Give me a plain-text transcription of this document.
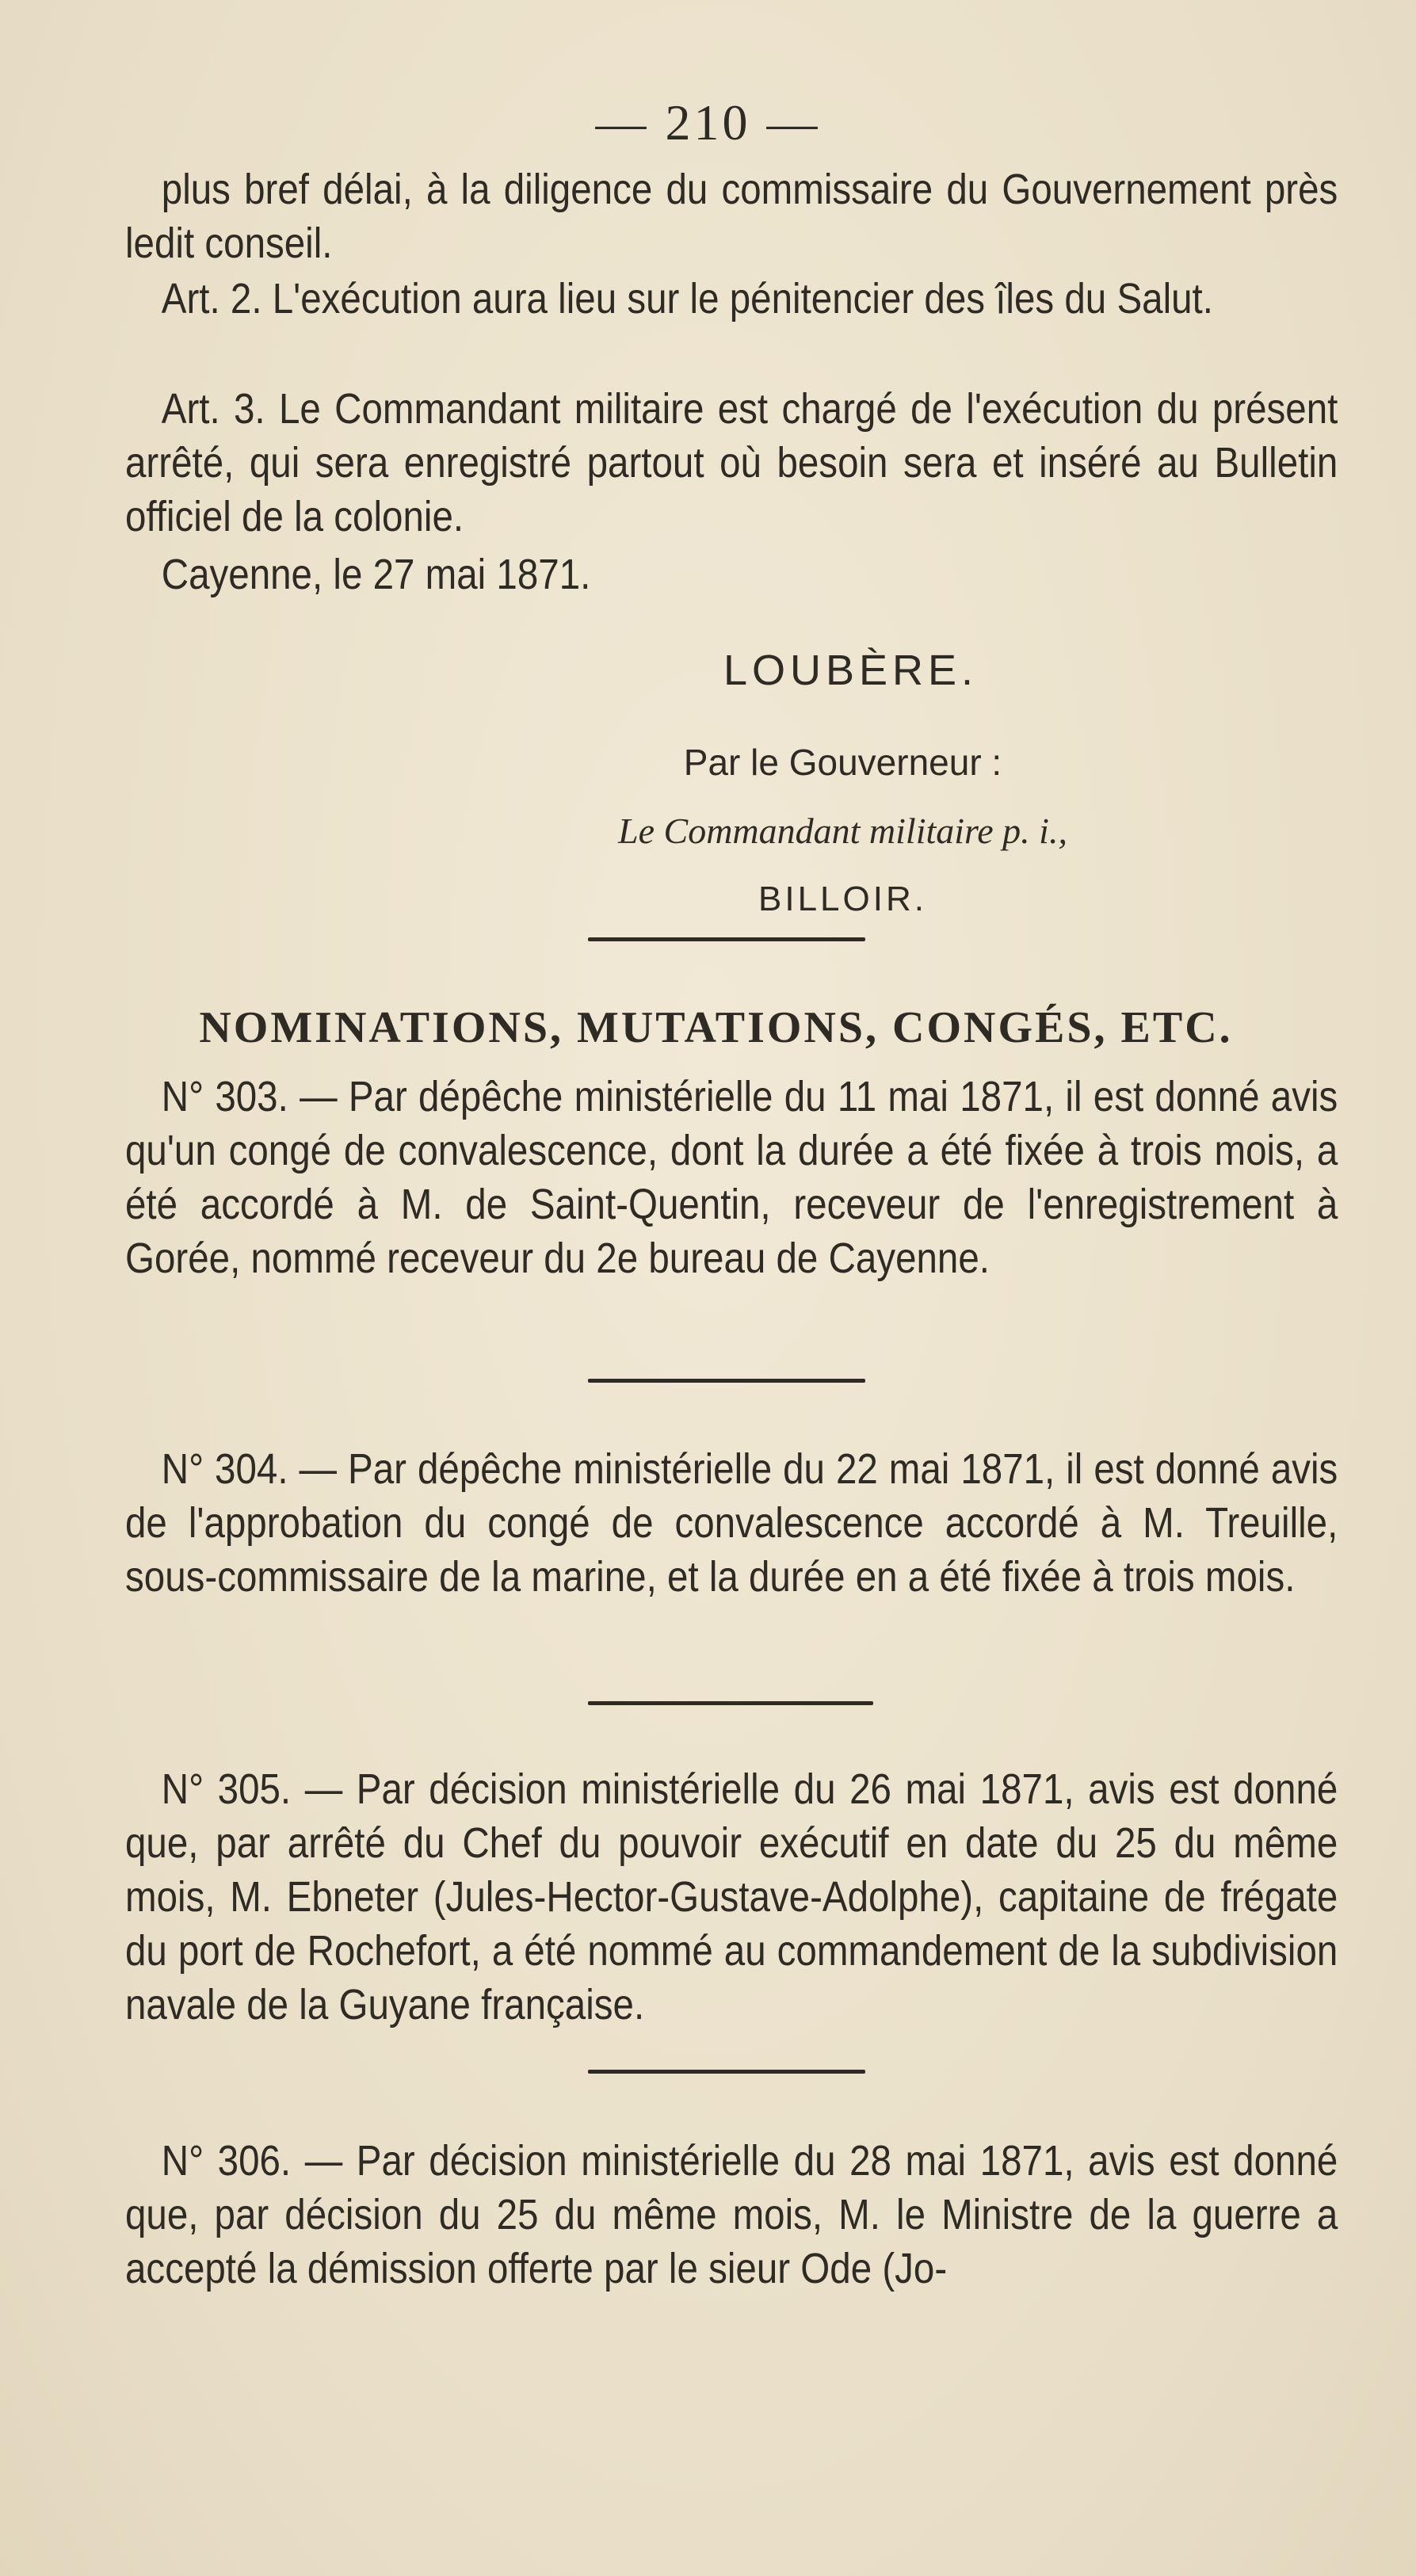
— 210 —

plus bref délai, à la diligence du commissaire du Gouvernement près ledit conseil.

Art. 2. L'exécution aura lieu sur le pénitencier des îles du Salut.

Art. 3. Le Commandant militaire est chargé de l'exécution du présent arrêté, qui sera enregistré partout où besoin sera et inséré au Bulletin officiel de la colonie.

Cayenne, le 27 mai 1871.

LOUBÈRE.
Par le Gouverneur :
Le Commandant militaire p. i.,
BILLOIR.
NOMINATIONS, MUTATIONS, CONGÉS, ETC.

N° 303. — Par dépêche ministérielle du 11 mai 1871, il est donné avis qu'un congé de convalescence, dont la durée a été fixée à trois mois, a été accordé à M. de Saint-Quentin, receveur de l'enregistrement à Gorée, nommé receveur du 2e bureau de Cayenne.

N° 304. — Par dépêche ministérielle du 22 mai 1871, il est donné avis de l'approbation du congé de convalescence accordé à M. Treuille, sous-commissaire de la marine, et la durée en a été fixée à trois mois.

N° 305. — Par décision ministérielle du 26 mai 1871, avis est donné que, par arrêté du Chef du pouvoir exécutif en date du 25 du même mois, M. Ebneter (Jules-Hector-Gustave-Adolphe), capitaine de frégate du port de Rochefort, a été nommé au commandement de la subdivision navale de la Guyane française.

N° 306. — Par décision ministérielle du 28 mai 1871, avis est donné que, par décision du 25 du même mois, M. le Ministre de la guerre a accepté la démission offerte par le sieur Ode (Jo-
